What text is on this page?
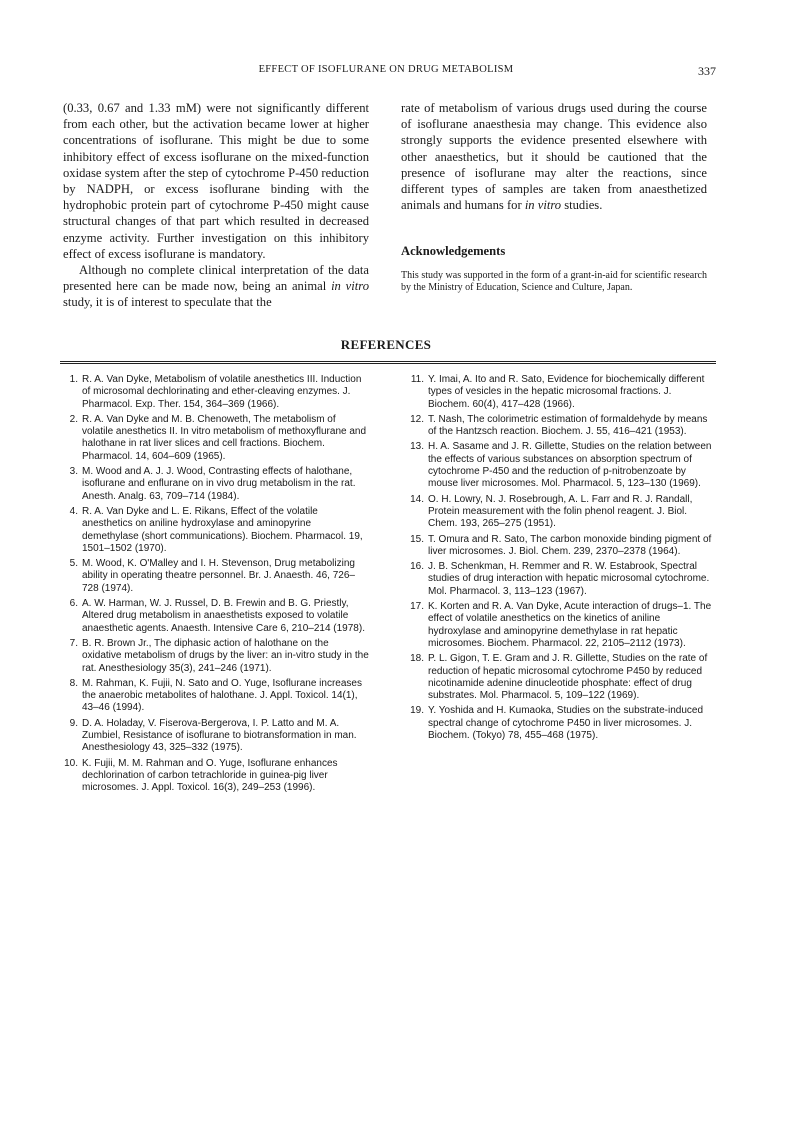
EFFECT OF ISOFLURANE ON DRUG METABOLISM	337

(0.33, 0.67 and 1.33 mM) were not significantly different from each other, but the activation became lower at higher concentrations of isoflurane. This might be due to some inhibitory effect of excess isoflurane on the mixed-function oxidase system after the step of cytochrome P-450 reduction by NADPH, or excess isoflurane binding with the hydrophobic protein part of cytochrome P-450 might cause structural changes of that part which resulted in decreased enzyme activity. Further investigation on this inhibitory effect of excess isoflurane is mandatory.

Although no complete clinical interpretation of the data presented here can be made now, being an animal in vitro study, it is of interest to speculate that the

rate of metabolism of various drugs used during the course of isoflurane anaesthesia may change. This evidence also strongly supports the evidence presented elsewhere with other anaesthetics, but it should be cautioned that the presence of isoflurane may alter the reactions, since different types of samples are taken from anaesthetized animals and humans for in vitro studies.

Acknowledgements
This study was supported in the form of a grant-in-aid for scientific research by the Ministry of Education, Science and Culture, Japan.
REFERENCES
1. R. A. Van Dyke, Metabolism of volatile anesthetics III. Induction of microsomal dechlorinating and ether-cleaving enzymes. J. Pharmacol. Exp. Ther. 154, 364–369 (1966).
2. R. A. Van Dyke and M. B. Chenoweth, The metabolism of volatile anesthetics II. In vitro metabolism of methoxyflurane and halothane in rat liver slices and cell fractions. Biochem. Pharmacol. 14, 604–609 (1965).
3. M. Wood and A. J. J. Wood, Contrasting effects of halothane, isoflurane and enflurane on in vivo drug metabolism in the rat. Anesth. Analg. 63, 709–714 (1984).
4. R. A. Van Dyke and L. E. Rikans, Effect of the volatile anesthetics on aniline hydroxylase and aminopyrine demethylase (short communications). Biochem. Pharmacol. 19, 1501–1502 (1970).
5. M. Wood, K. O'Malley and I. H. Stevenson, Drug metabolizing ability in operating theatre personnel. Br. J. Anaesth. 46, 726–728 (1974).
6. A. W. Harman, W. J. Russel, D. B. Frewin and B. G. Priestly, Altered drug metabolism in anaesthetists exposed to volatile anaesthetic agents. Anaesth. Intensive Care 6, 210–214 (1978).
7. B. R. Brown Jr., The diphasic action of halothane on the oxidative metabolism of drugs by the liver: an in-vitro study in the rat. Anesthesiology 35(3), 241–246 (1971).
8. M. Rahman, K. Fujii, N. Sato and O. Yuge, Isoflurane increases the anaerobic metabolites of halothane. J. Appl. Toxicol. 14(1), 43–46 (1994).
9. D. A. Holaday, V. Fiserova-Bergerova, I. P. Latto and M. A. Zumbiel, Resistance of isoflurane to biotransformation in man. Anesthesiology 43, 325–332 (1975).
10. K. Fujii, M. M. Rahman and O. Yuge, Isoflurane enhances dechlorination of carbon tetrachloride in guinea-pig liver microsomes. J. Appl. Toxicol. 16(3), 249–253 (1996).
11. Y. Imai, A. Ito and R. Sato, Evidence for biochemically different types of vesicles in the hepatic microsomal fractions. J. Biochem. 60(4), 417–428 (1966).
12. T. Nash, The colorimetric estimation of formaldehyde by means of the Hantzsch reaction. Biochem. J. 55, 416–421 (1953).
13. H. A. Sasame and J. R. Gillette, Studies on the relation between the effects of various substances on absorption spectrum of cytochrome P-450 and the reduction of p-nitrobenzoate by mouse liver microsomes. Mol. Pharmacol. 5, 123–130 (1969).
14. O. H. Lowry, N. J. Rosebrough, A. L. Farr and R. J. Randall, Protein measurement with the folin phenol reagent. J. Biol. Chem. 193, 265–275 (1951).
15. T. Omura and R. Sato, The carbon monoxide binding pigment of liver microsomes. J. Biol. Chem. 239, 2370–2378 (1964).
16. J. B. Schenkman, H. Remmer and R. W. Estabrook, Spectral studies of drug interaction with hepatic microsomal cytochrome. Mol. Pharmacol. 3, 113–123 (1967).
17. K. Korten and R. A. Van Dyke, Acute interaction of drugs–1. The effect of volatile anesthetics on the kinetics of aniline hydroxylase and aminopyrine demethylase in rat hepatic microsomes. Biochem. Pharmacol. 22, 2105–2112 (1973).
18. P. L. Gigon, T. E. Gram and J. R. Gillette, Studies on the rate of reduction of hepatic microsomal cytochrome P450 by reduced nicotinamide adenine dinucleotide phosphate: effect of drug substrates. Mol. Pharmacol. 5, 109–122 (1969).
19. Y. Yoshida and H. Kumaoka, Studies on the substrate-induced spectral change of cytochrome P450 in liver microsomes. J. Biochem. (Tokyo) 78, 455–468 (1975).
